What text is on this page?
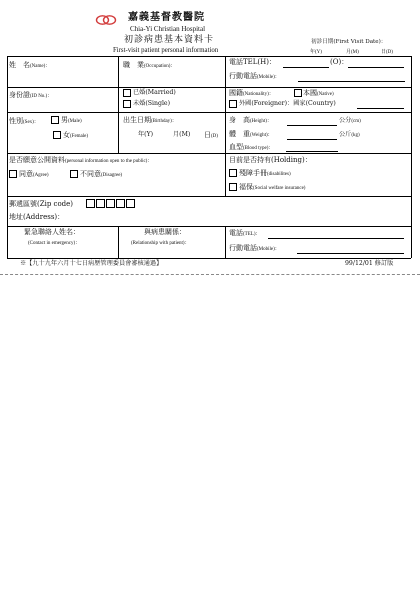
嘉義基督教醫院
Chia-Yi Christian Hospital
初診病患基本資料卡
First-visit patient personal information
初診日期(First Visit Date)：
年(Y)	月(M)	日(D)
姓　名(Name)：	職　業(Occupation)：
電話TEL(H)：	(O)：
行動電話(Mobile)：
身份證(ID No.)：
已婚(Married)
未婚(Single)
國籍(Nationality)：	本國(Native)
外國(Foreigner)：國家(Country)
性別(Sex)：	男(Male)
女(Female)
出生日期(Birthday)：
年(Y)	月(M) 日(D)
身　高(Height)：	公分(cm)
體　重(Weight)：	公斤(kg)
血型(Blood type)：
是否願意公開資料(personal information open to the public)：
同意(Agree)	不同意(Disagree)
目前是否持有(Holding)：
殘障手冊(disabilites)
福保(Social welfare insurance)
郵遞區號(Zip code)
地址(Address)：
緊急聯絡人姓名：
(Contact in emergency)：
與病患關係：
(Relationship with patient)：
電話(TEL)：
行動電話(Mobile)：
※【九十九年六月十七日病歷管理委員會審核通過】	99/12/01 修訂版
